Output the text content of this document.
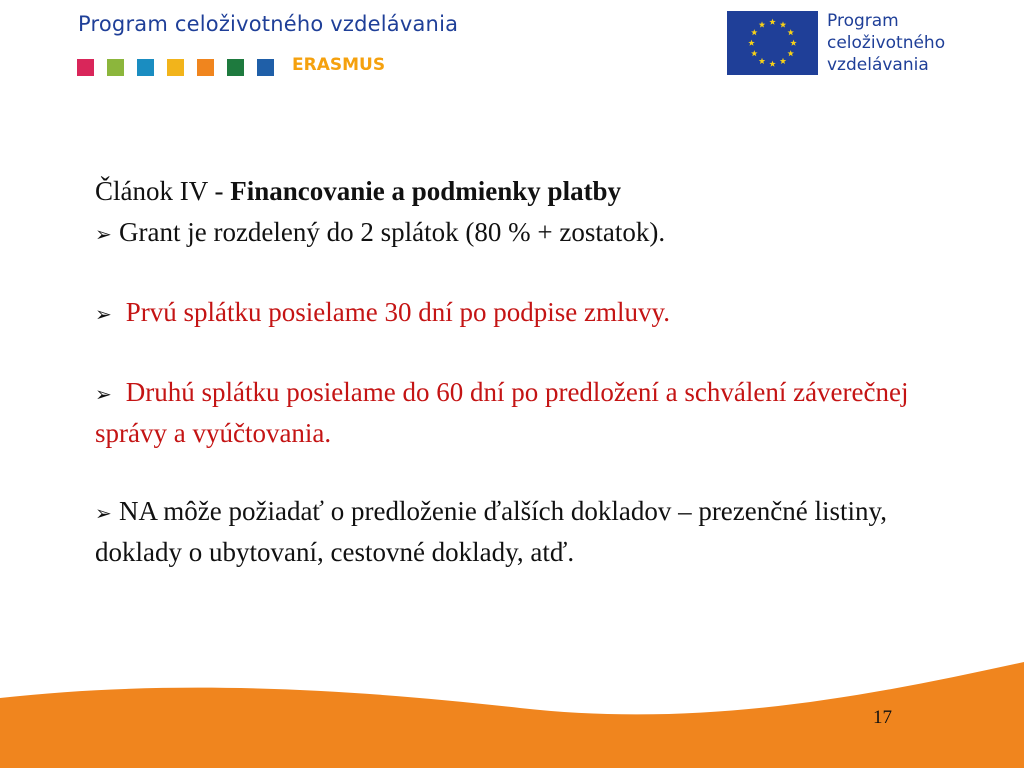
Program celoživotného vzdelávania
ERASMUS
Program
celoživotného
vzdelávania

Článok IV - Financovanie a podmienky platby

➢ Grant je rozdelený do 2 splátok (80 % + zostatok).

➢ Prvú splátku posielame 30 dní po podpise zmluvy.

➢ Druhú splátku posielame do 60 dní po predložení a schválení záverečnej správy a vyúčtovania.

➢ NA môže požiadať o predloženie ďalších dokladov – prezenčné listiny, doklady o ubytovaní, cestovné doklady, atď.

17
